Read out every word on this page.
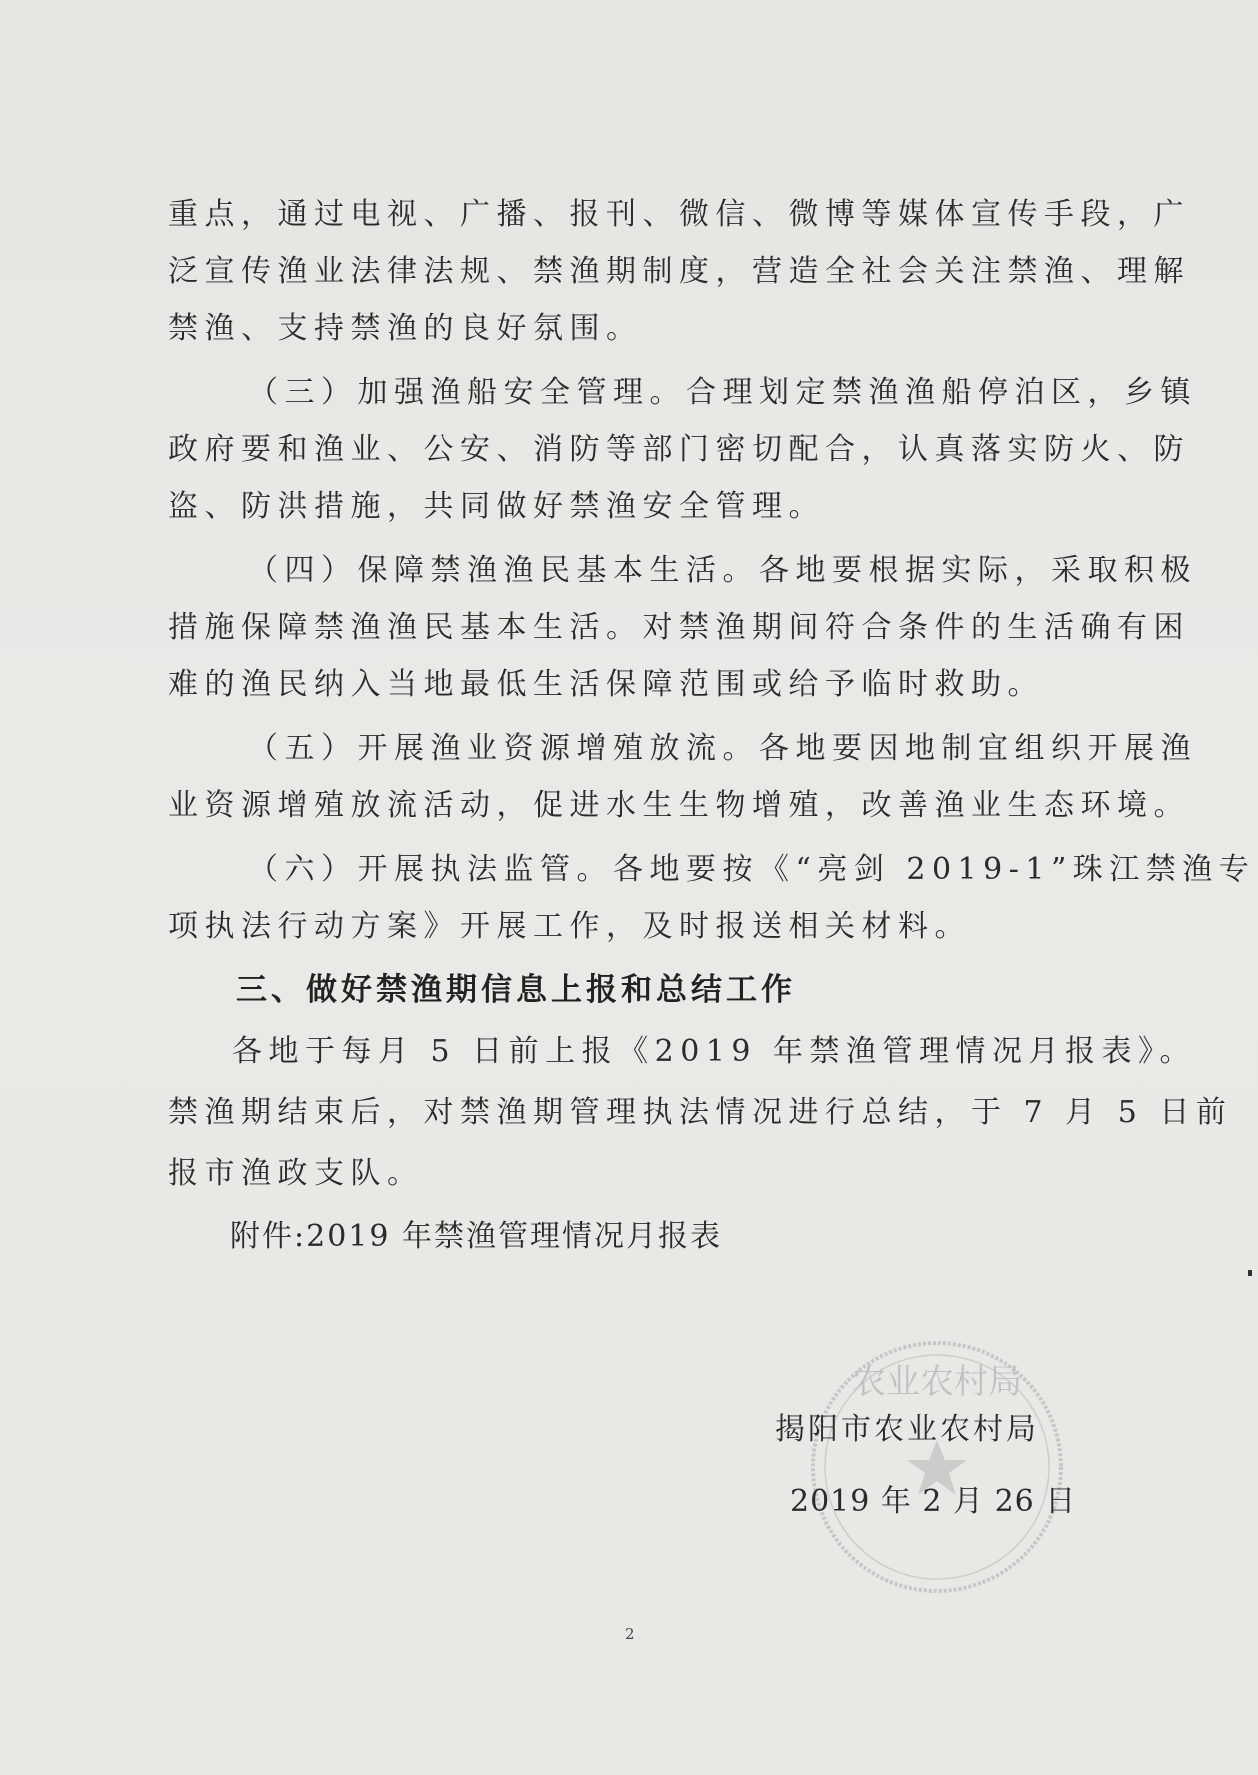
重点，通过电视、广播、报刊、微信、微博等媒体宣传手段，广
泛宣传渔业法律法规、禁渔期制度，营造全社会关注禁渔、理解
禁渔、支持禁渔的良好氛围。
（三）加强渔船安全管理。合理划定禁渔渔船停泊区，乡镇
政府要和渔业、公安、消防等部门密切配合，认真落实防火、防
盗、防洪措施，共同做好禁渔安全管理。
（四）保障禁渔渔民基本生活。各地要根据实际，采取积极
措施保障禁渔渔民基本生活。对禁渔期间符合条件的生活确有困
难的渔民纳入当地最低生活保障范围或给予临时救助。
（五）开展渔业资源增殖放流。各地要因地制宜组织开展渔
业资源增殖放流活动，促进水生生物增殖，改善渔业生态环境。
（六）开展执法监管。各地要按《“亮剑 2019-1”珠江禁渔专
项执法行动方案》开展工作，及时报送相关材料。
三、做好禁渔期信息上报和总结工作
各地于每月 5 日前上报《2019 年禁渔管理情况月报表》。
禁渔期结束后，对禁渔期管理执法情况进行总结，于 7 月 5 日前
报市渔政支队。
附件:2019 年禁渔管理情况月报表
农业农村局
揭阳市农业农村局
2019 年 2 月 26 日
2
